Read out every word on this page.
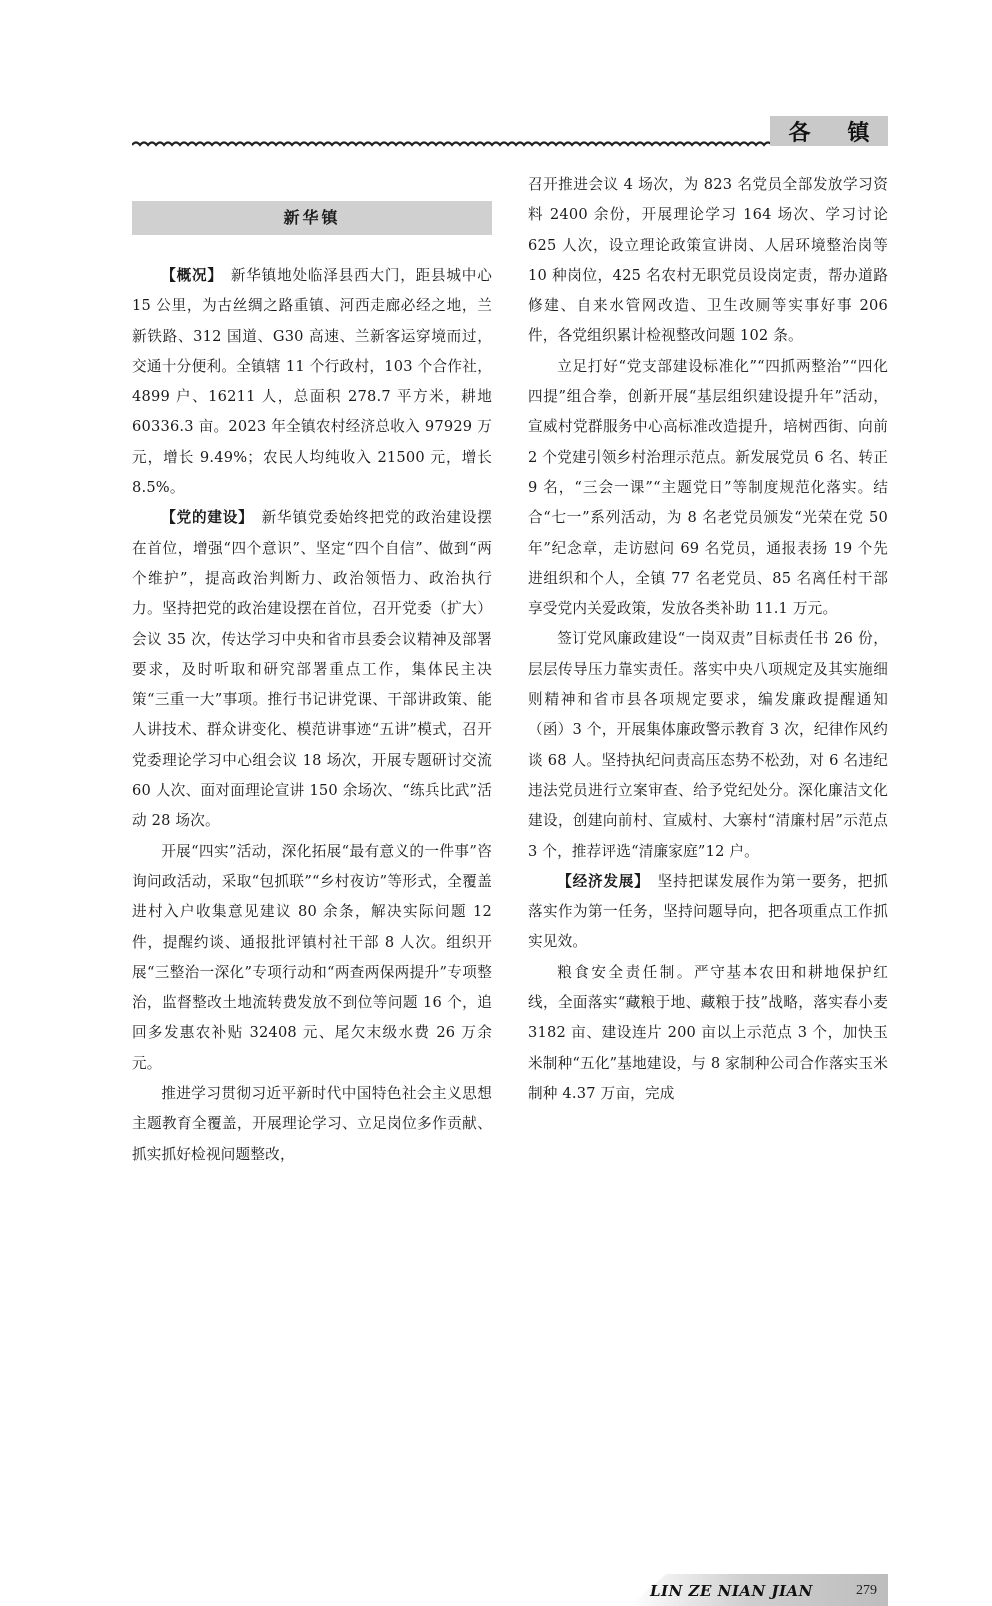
各 镇
新华镇

【概况】  新华镇地处临泽县西大门，距县城中心 15 公里，为古丝绸之路重镇、河西走廊必经之地，兰新铁路、312 国道、G30 高速、兰新客运穿境而过，交通十分便利。全镇辖 11 个行政村，103 个合作社，4899 户、16211 人，总面积 278.7 平方米，耕地 60336.3 亩。2023 年全镇农村经济总收入 97929 万元，增长 9.49%；农民人均纯收入 21500 元，增长 8.5%。

【党的建设】  新华镇党委始终把党的政治建设摆在首位，增强“四个意识”、坚定“四个自信”、做到“两个维护”，提高政治判断力、政治领悟力、政治执行力。坚持把党的政治建设摆在首位，召开党委（扩大）会议 35 次，传达学习中央和省市县委会议精神及部署要求，及时听取和研究部署重点工作，集体民主决策“三重一大”事项。推行书记讲党课、干部讲政策、能人讲技术、群众讲变化、模范讲事迹“五讲”模式，召开党委理论学习中心组会议 18 场次，开展专题研讨交流 60 人次、面对面理论宣讲 150 余场次、“练兵比武”活动 28 场次。

开展“四实”活动，深化拓展“最有意义的一件事”咨询问政活动，采取“包抓联”“乡村夜访”等形式，全覆盖进村入户收集意见建议 80 余条，解决实际问题 12 件，提醒约谈、通报批评镇村社干部 8 人次。组织开展“三整治一深化”专项行动和“两查两保两提升”专项整治，监督整改土地流转费发放不到位等问题 16 个，追回多发惠农补贴 32408 元、尾欠末级水费 26 万余元。

推进学习贯彻习近平新时代中国特色社会主义思想主题教育全覆盖，开展理论学习、立足岗位多作贡献、抓实抓好检视问题整改，

召开推进会议 4 场次，为 823 名党员全部发放学习资料 2400 余份，开展理论学习 164 场次、学习讨论 625 人次，设立理论政策宣讲岗、人居环境整治岗等 10 种岗位，425 名农村无职党员设岗定责，帮办道路修建、自来水管网改造、卫生改厕等实事好事 206 件，各党组织累计检视整改问题 102 条。

立足打好“党支部建设标准化”“四抓两整治”“四化四提”组合拳，创新开展“基层组织建设提升年”活动，宣威村党群服务中心高标准改造提升，培树西街、向前 2 个党建引领乡村治理示范点。新发展党员 6 名、转正 9 名，“三会一课”“主题党日”等制度规范化落实。结合“七一”系列活动，为 8 名老党员颁发“光荣在党 50 年”纪念章，走访慰问 69 名党员，通报表扬 19 个先进组织和个人，全镇 77 名老党员、85 名离任村干部享受党内关爱政策，发放各类补助 11.1 万元。

签订党风廉政建设“一岗双责”目标责任书 26 份，层层传导压力靠实责任。落实中央八项规定及其实施细则精神和省市县各项规定要求，编发廉政提醒通知（函）3 个，开展集体廉政警示教育 3 次，纪律作风约谈 68 人。坚持执纪问责高压态势不松劲，对 6 名违纪违法党员进行立案审查、给予党纪处分。深化廉洁文化建设，创建向前村、宣威村、大寨村“清廉村居”示范点 3 个，推荐评选“清廉家庭”12 户。

【经济发展】  坚持把谋发展作为第一要务，把抓落实作为第一任务，坚持问题导向，把各项重点工作抓实见效。

粮食安全责任制。严守基本农田和耕地保护红线，全面落实“藏粮于地、藏粮于技”战略，落实春小麦 3182 亩、建设连片 200 亩以上示范点 3 个，加快玉米制种“五化”基地建设，与 8 家制种公司合作落实玉米制种 4.37 万亩，完成

LIN ZE NIAN JIAN	279
